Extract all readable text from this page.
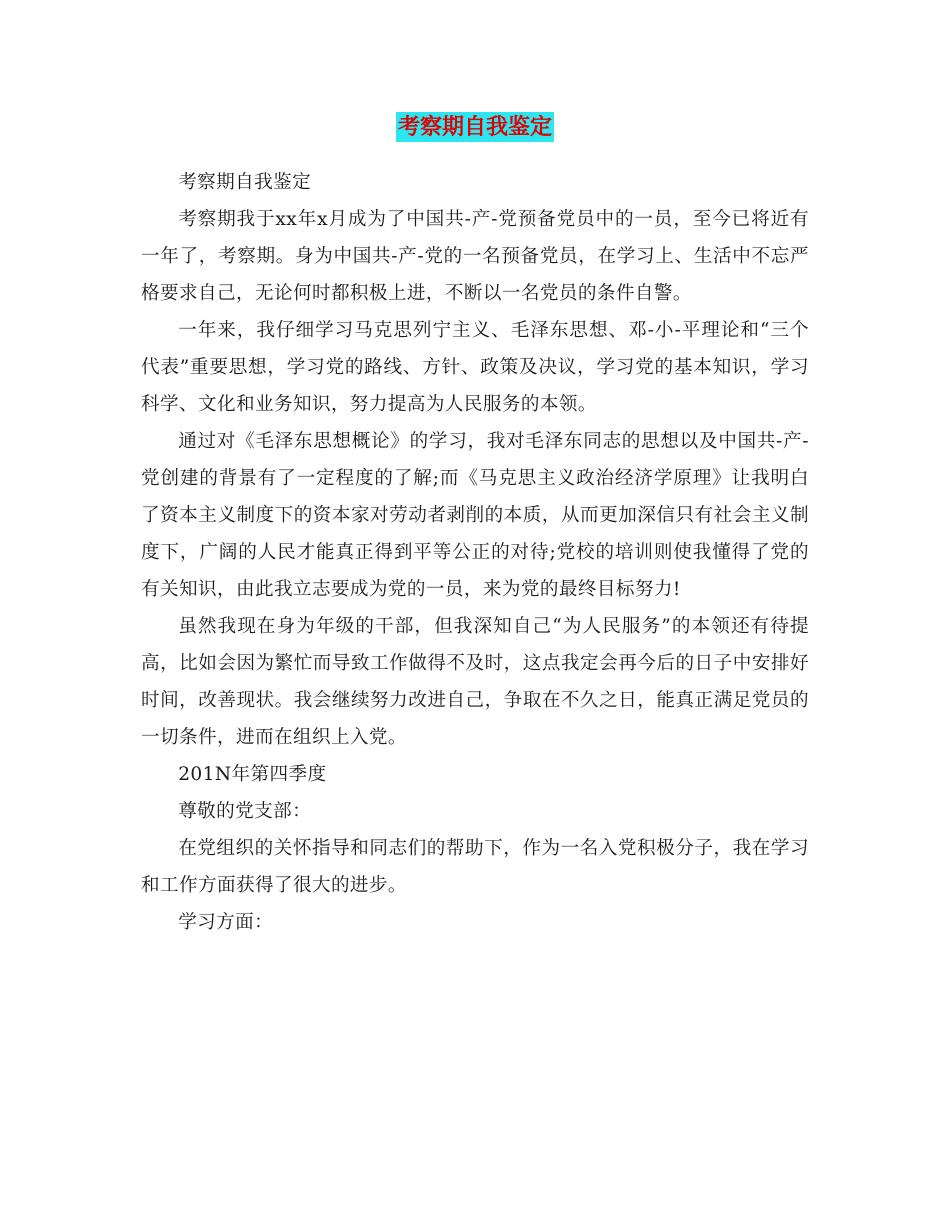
考察期自我鉴定

考察期自我鉴定

考察期我于xx年x月成为了中国共-产-党预备党员中的一员，至今已将近有一年了，考察期。身为中国共-产-党的一名预备党员，在学习上、生活中不忘严格要求自己，无论何时都积极上进，不断以一名党员的条件自警。

一年来，我仔细学习马克思列宁主义、毛泽东思想、邓-小-平理论和“三个代表”重要思想，学习党的路线、方针、政策及决议，学习党的基本知识，学习科学、文化和业务知识，努力提高为人民服务的本领。

通过对《毛泽东思想概论》的学习，我对毛泽东同志的思想以及中国共-产-党创建的背景有了一定程度的了解;而《马克思主义政治经济学原理》让我明白了资本主义制度下的资本家对劳动者剥削的本质，从而更加深信只有社会主义制度下，广阔的人民才能真正得到平等公正的对待;党校的培训则使我懂得了党的有关知识，由此我立志要成为党的一员，来为党的最终目标努力!

虽然我现在身为年级的干部，但我深知自己“为人民服务”的本领还有待提高，比如会因为繁忙而导致工作做得不及时，这点我定会再今后的日子中安排好时间，改善现状。我会继续努力改进自己，争取在不久之日，能真正满足党员的一切条件，进而在组织上入党。

201N年第四季度

尊敬的党支部：

在党组织的关怀指导和同志们的帮助下，作为一名入党积极分子，我在学习和工作方面获得了很大的进步。

学习方面：
